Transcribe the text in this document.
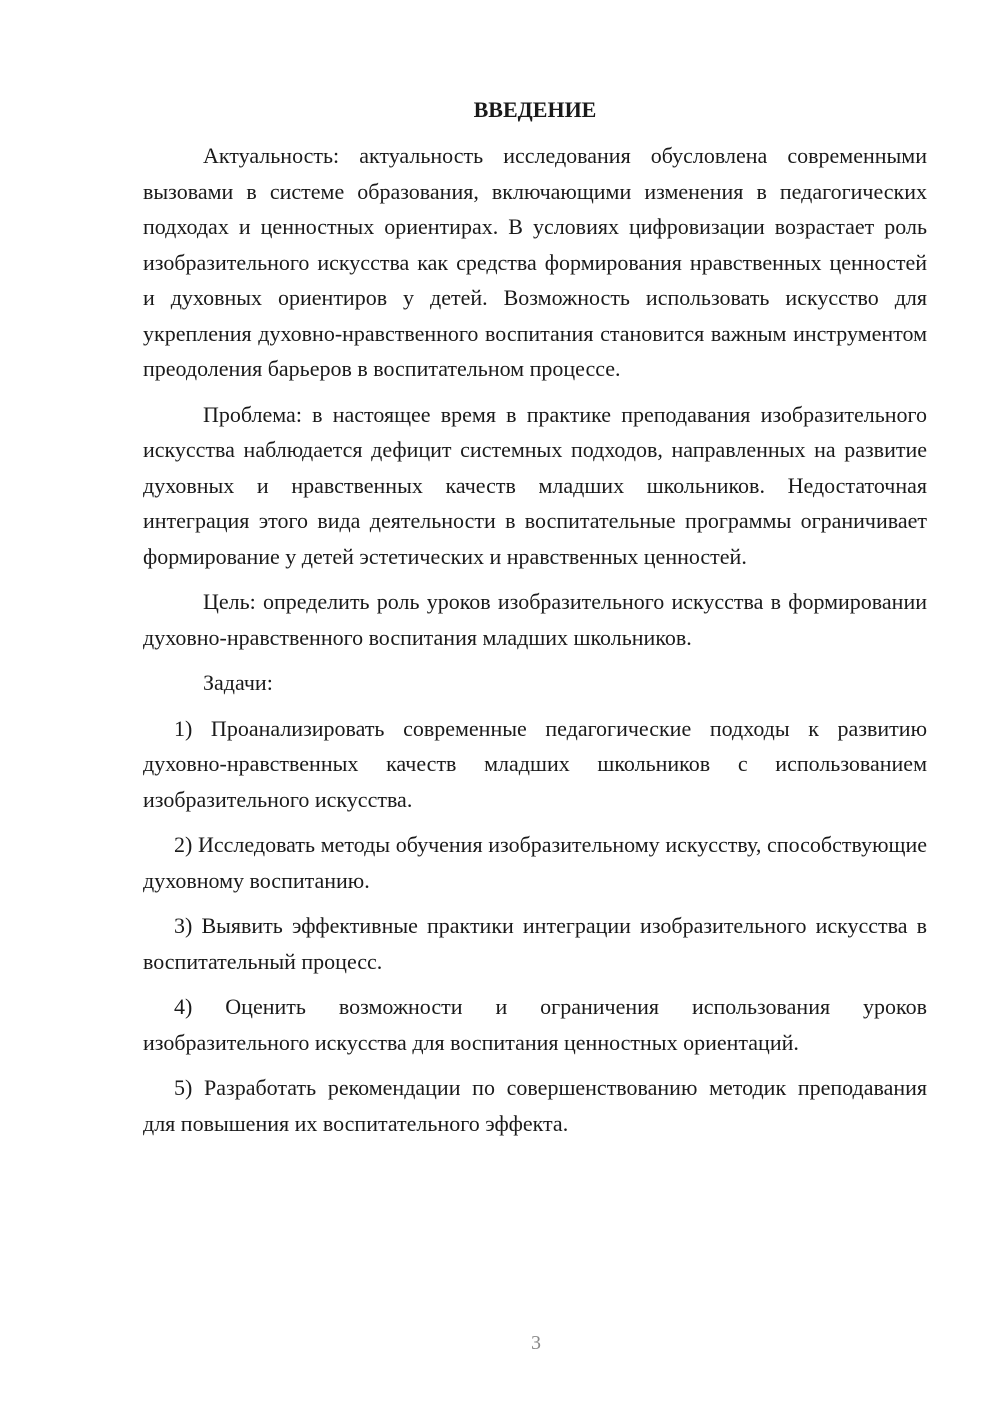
ВВЕДЕНИЕ

Актуальность: актуальность исследования обусловлена современными вызовами в системе образования, включающими изменения в педагогических подходах и ценностных ориентирах. В условиях цифровизации возрастает роль изобразительного искусства как средства формирования нравственных ценностей и духовных ориентиров у детей. Возможность использовать искусство для укрепления духовно-нравственного воспитания становится важным инструментом преодоления барьеров в воспитательном процессе.

Проблема: в настоящее время в практике преподавания изобразительного искусства наблюдается дефицит системных подходов, направленных на развитие духовных и нравственных качеств младших школьников. Недостаточная интеграция этого вида деятельности в воспитательные программы ограничивает формирование у детей эстетических и нравственных ценностей.

Цель: определить роль уроков изобразительного искусства в формировании духовно-нравственного воспитания младших школьников.

Задачи:

1) Проанализировать современные педагогические подходы к развитию духовно-нравственных качеств младших школьников с использованием изобразительного искусства.

2) Исследовать методы обучения изобразительному искусству, способствующие духовному воспитанию.

3) Выявить эффективные практики интеграции изобразительного искусства в воспитательный процесс.

4) Оценить возможности и ограничения использования уроков изобразительного искусства для воспитания ценностных ориентаций.

5) Разработать рекомендации по совершенствованию методик преподавания для повышения их воспитательного эффекта.

3
